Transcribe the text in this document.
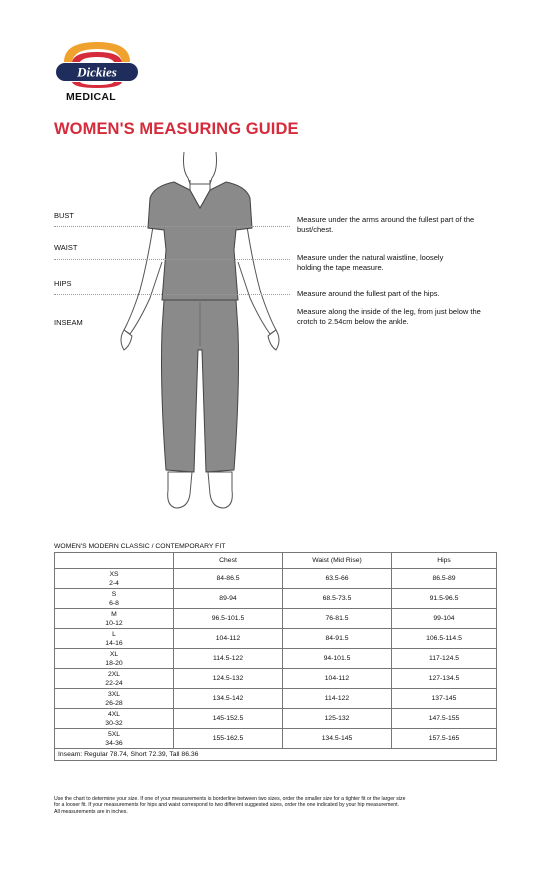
Dickies
MEDICAL
WOMEN'S MEASURING GUIDE
BUST	Measure under the arms around the fullest part of the bust/chest.
WAIST
Measure under the natural waistline, loosely holding the tape measure.
HIPS
Measure around the fullest part of the hips.
INSEAM
Measure along the inside of the leg, from just below the crotch to 2.54cm below the ankle.
WOMEN'S MODERN CLASSIC / CONTEMPORARY FIT
	Chest	Waist (Mid Rise)	Hips
XS
2-4	84-86.5	63.5-66	86.5-89
S
6-8	89-94	68.5-73.5	91.5-96.5
M
10-12	96.5-101.5	76-81.5	99-104
L
14-16	104-112	84-91.5	106.5-114.5
XL
18-20	114.5-122	94-101.5	117-124.5
2XL
22-24	124.5-132	104-112	127-134.5
3XL
26-28	134.5-142	114-122	137-145
4XL
30-32	145-152.5	125-132	147.5-155
5XL
34-36	155-162.5	134.5-145	157.5-165
Inseam: Regular 78.74, Short 72.39, Tall 86.36			
Use the chart to determine your size. If one of your measurements is borderline between two sizes, order the smaller size for a tighter fit or the larger size
for a looser fit. If your measurements for hips and waist correspond to two different suggested sizes, order the one indicated by your hip measurement.
All measurements are in inches.
